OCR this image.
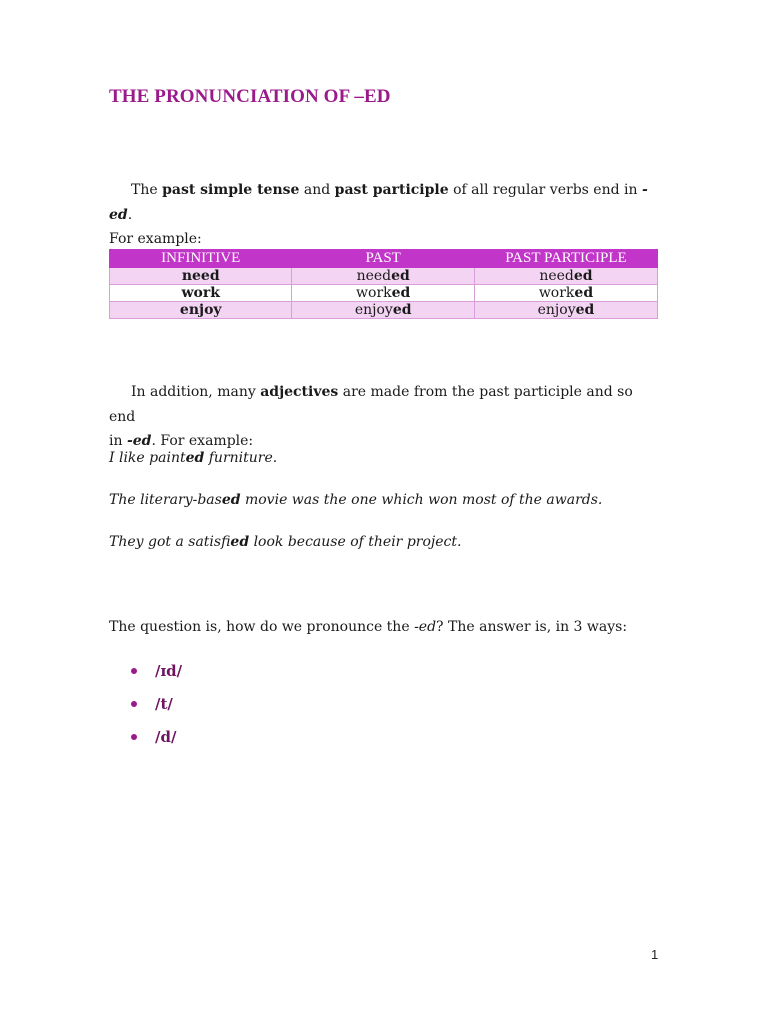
THE PRONUNCIATION OF –ED
The past simple tense and past participle of all regular verbs end in -ed.
For example:
INFINITIVE	PAST	PAST PARTICIPLE
need	needed	needed
work	worked	worked
enjoy	enjoyed	enjoyed
In addition, many adjectives are made from the past participle and so end
in -ed. For example:
I like painted furniture.
The literary-based movie was the one which won most of the awards.
They got a satisfied look because of their project.
The question is, how do we pronounce the -ed? The answer is, in 3 ways:
/ɪd/
/t/
/d/
1
